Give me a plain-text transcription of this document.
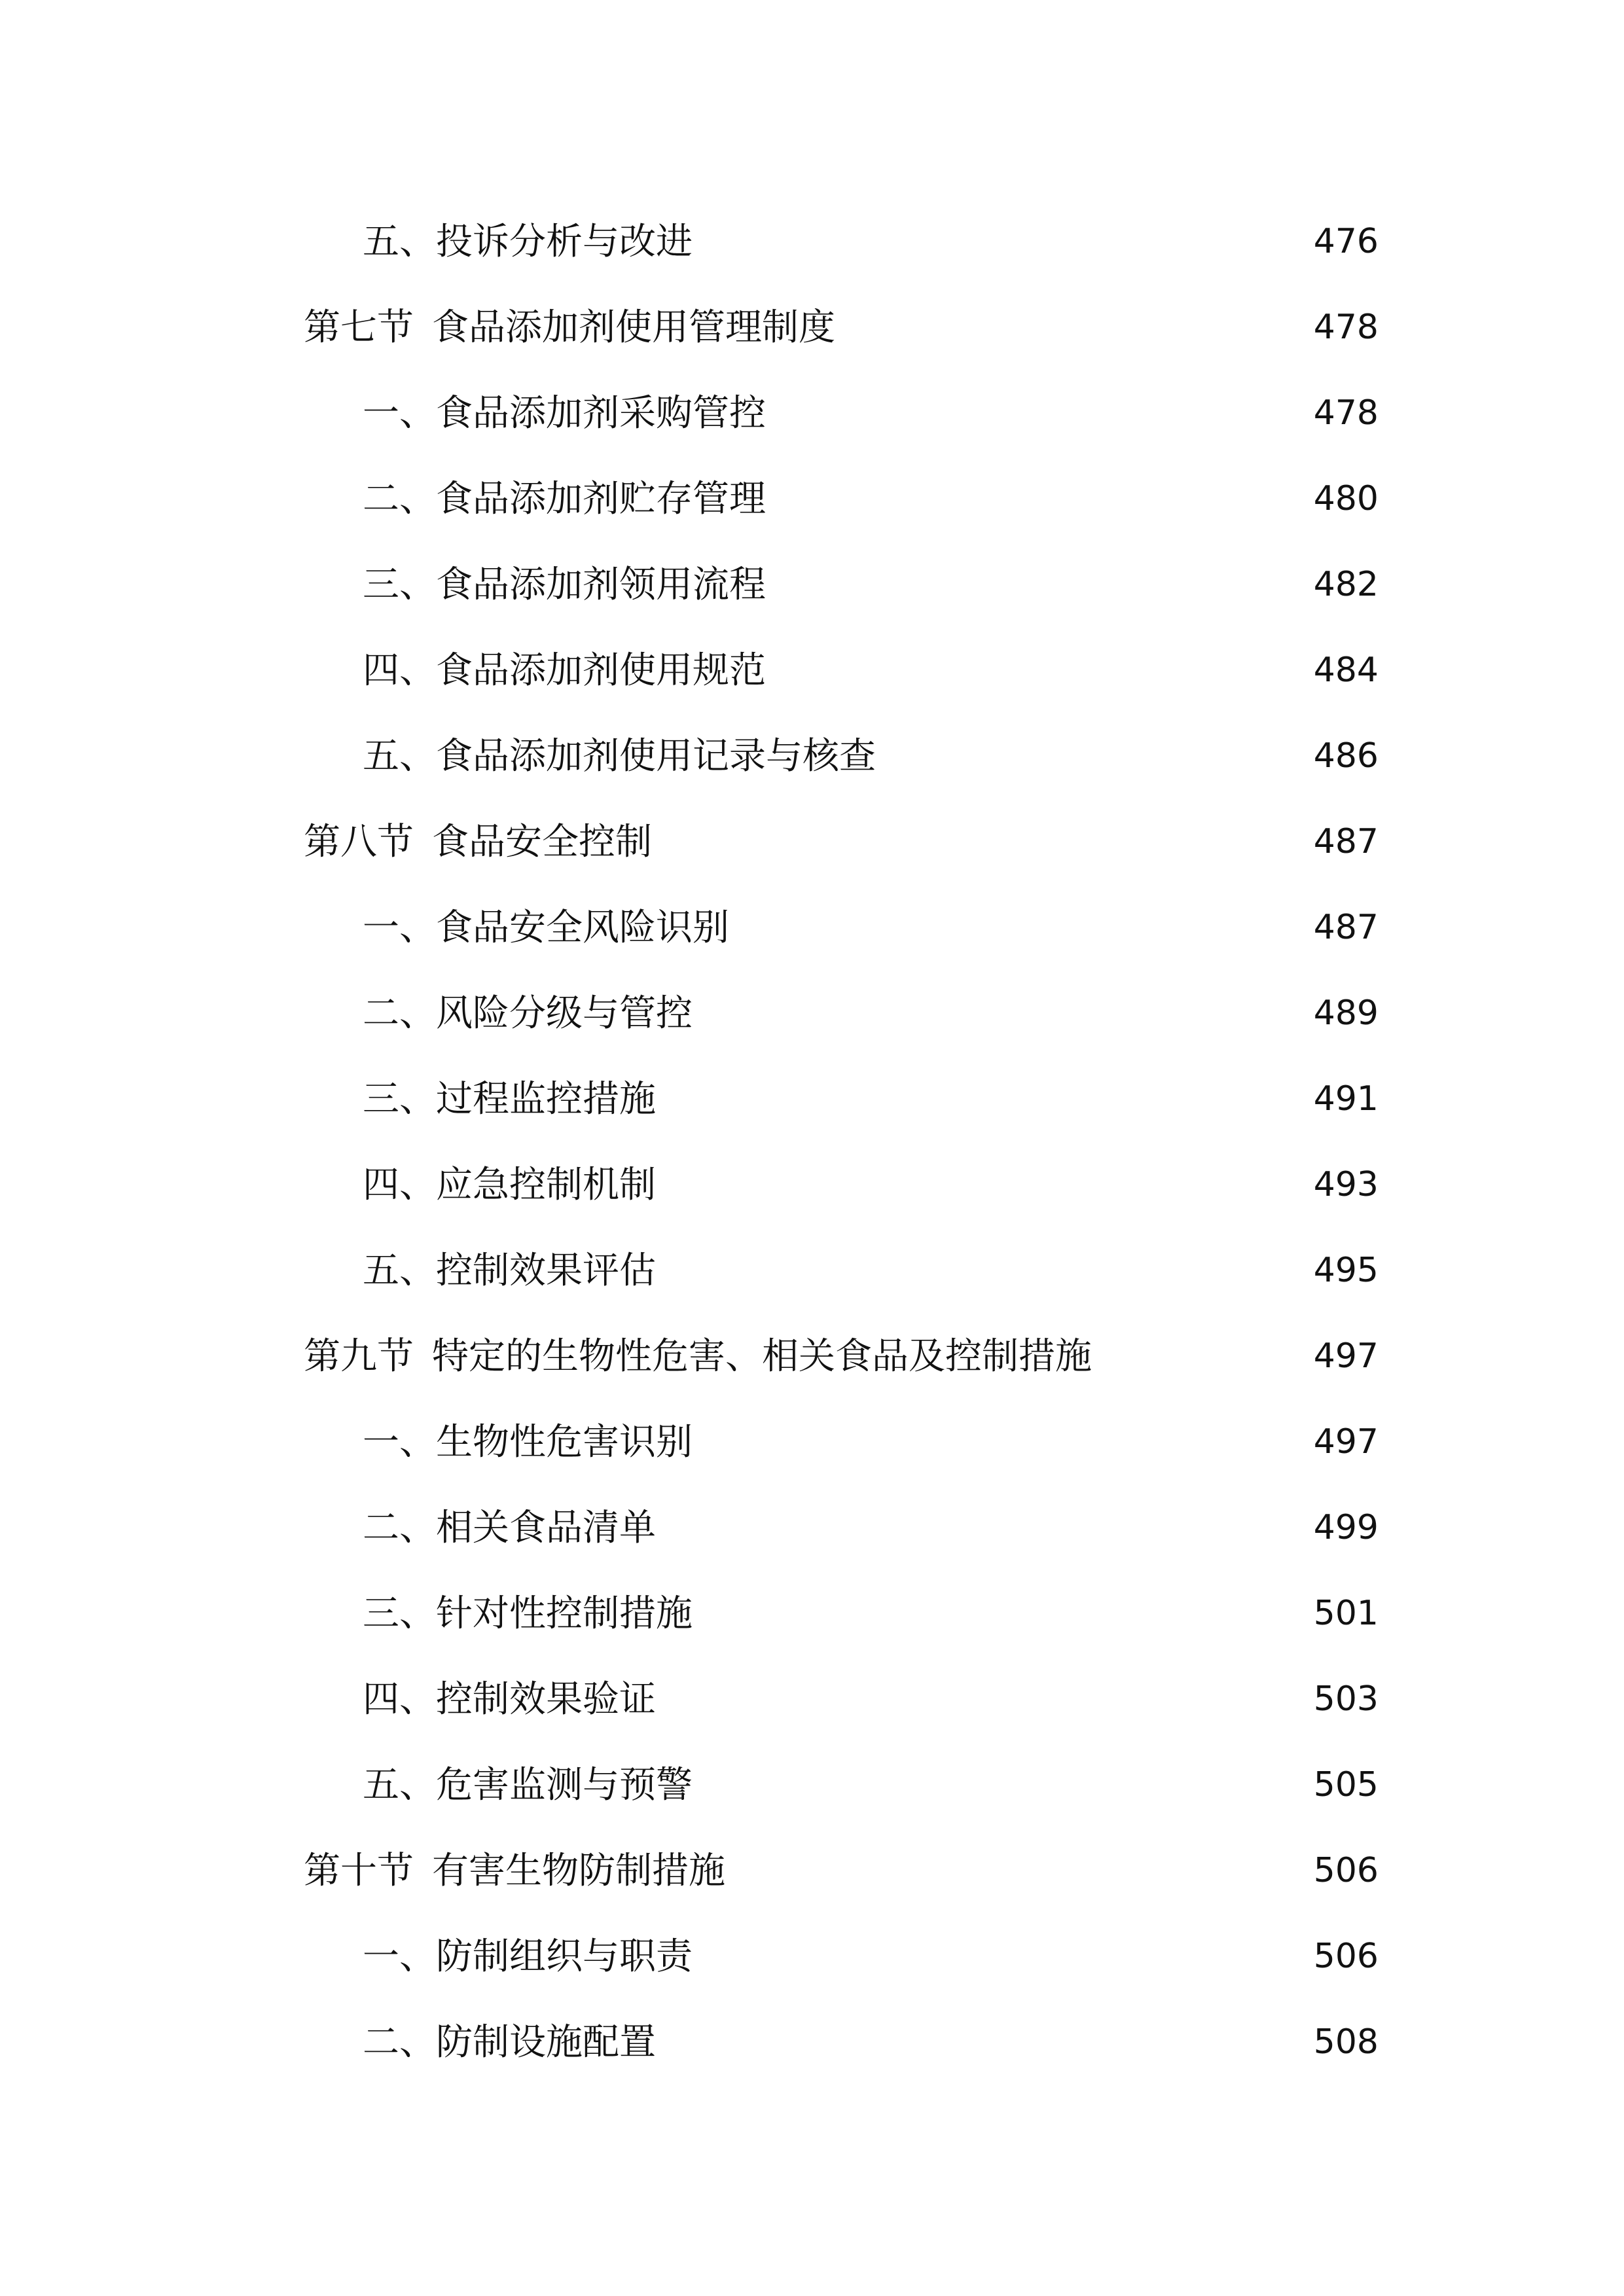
五、投诉分析与改进	476
第七节 食品添加剂使用管理制度	478
一、食品添加剂采购管控	478
二、食品添加剂贮存管理	480
三、食品添加剂领用流程	482
四、食品添加剂使用规范	484
五、食品添加剂使用记录与核查	486
第八节 食品安全控制	487
一、食品安全风险识别	487
二、风险分级与管控	489
三、过程监控措施	491
四、应急控制机制	493
五、控制效果评估	495
第九节 特定的生物性危害、相关食品及控制措施	497
一、生物性危害识别	497
二、相关食品清单	499
三、针对性控制措施	501
四、控制效果验证	503
五、危害监测与预警	505
第十节 有害生物防制措施	506
一、防制组织与职责	506
二、防制设施配置	508
